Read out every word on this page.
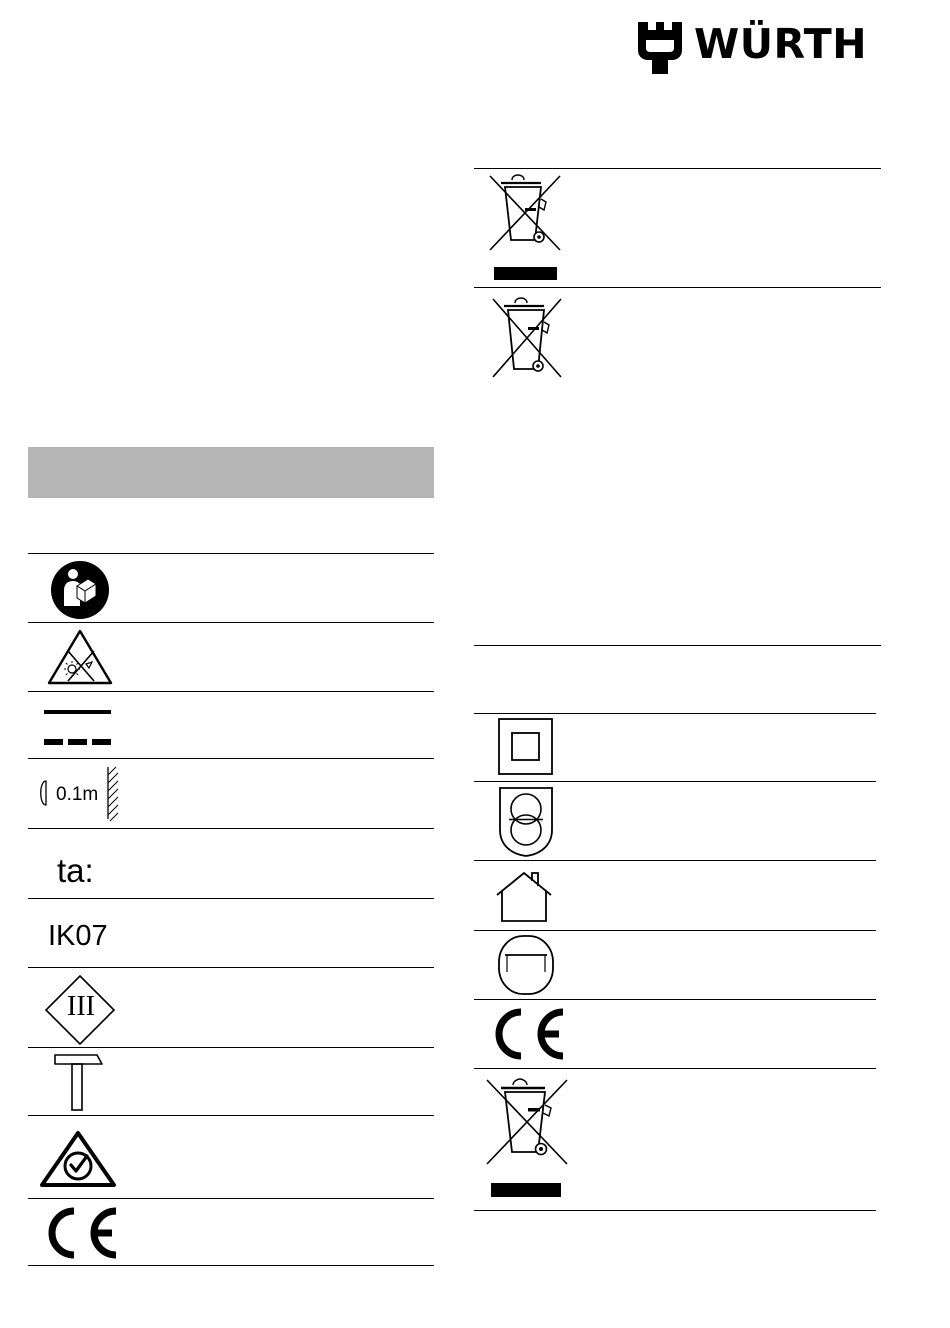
WÜRTH
0.1m
ta:
IK07
III
